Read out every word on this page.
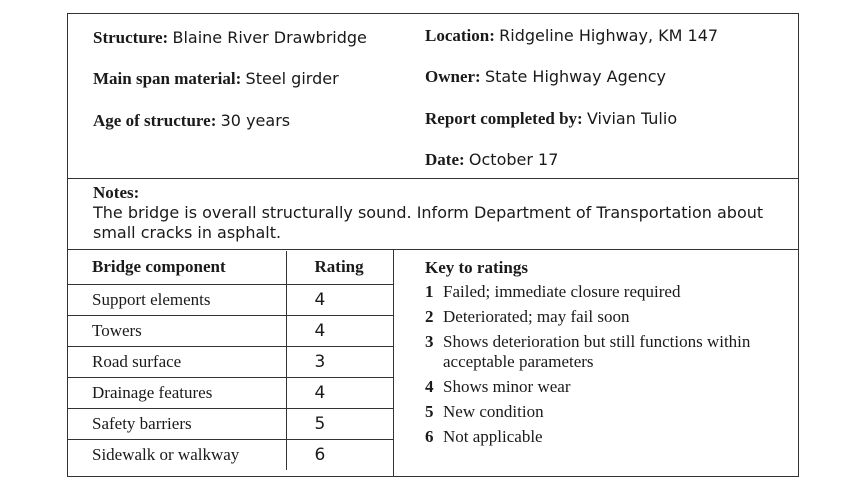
Structure: Blaine River Drawbridge	Location: Ridgeline Highway, KM 147
Main span material: Steel girder	Owner: State Highway Agency
Age of structure: 30 years	Report completed by: Vivian Tulio
Date: October 17
Notes:
The bridge is overall structurally sound. Inform Department of Transportation about small cracks in asphalt.
Bridge component	Rating
Support elements	4
Towers	4
Road surface	3
Drainage features	4
Safety barriers	5
Sidewalk or walkway	6
Key to ratings
1 Failed; immediate closure required
2 Deteriorated; may fail soon
3 Shows deterioration but still functions within acceptable parameters
4 Shows minor wear
5 New condition
6 Not applicable
